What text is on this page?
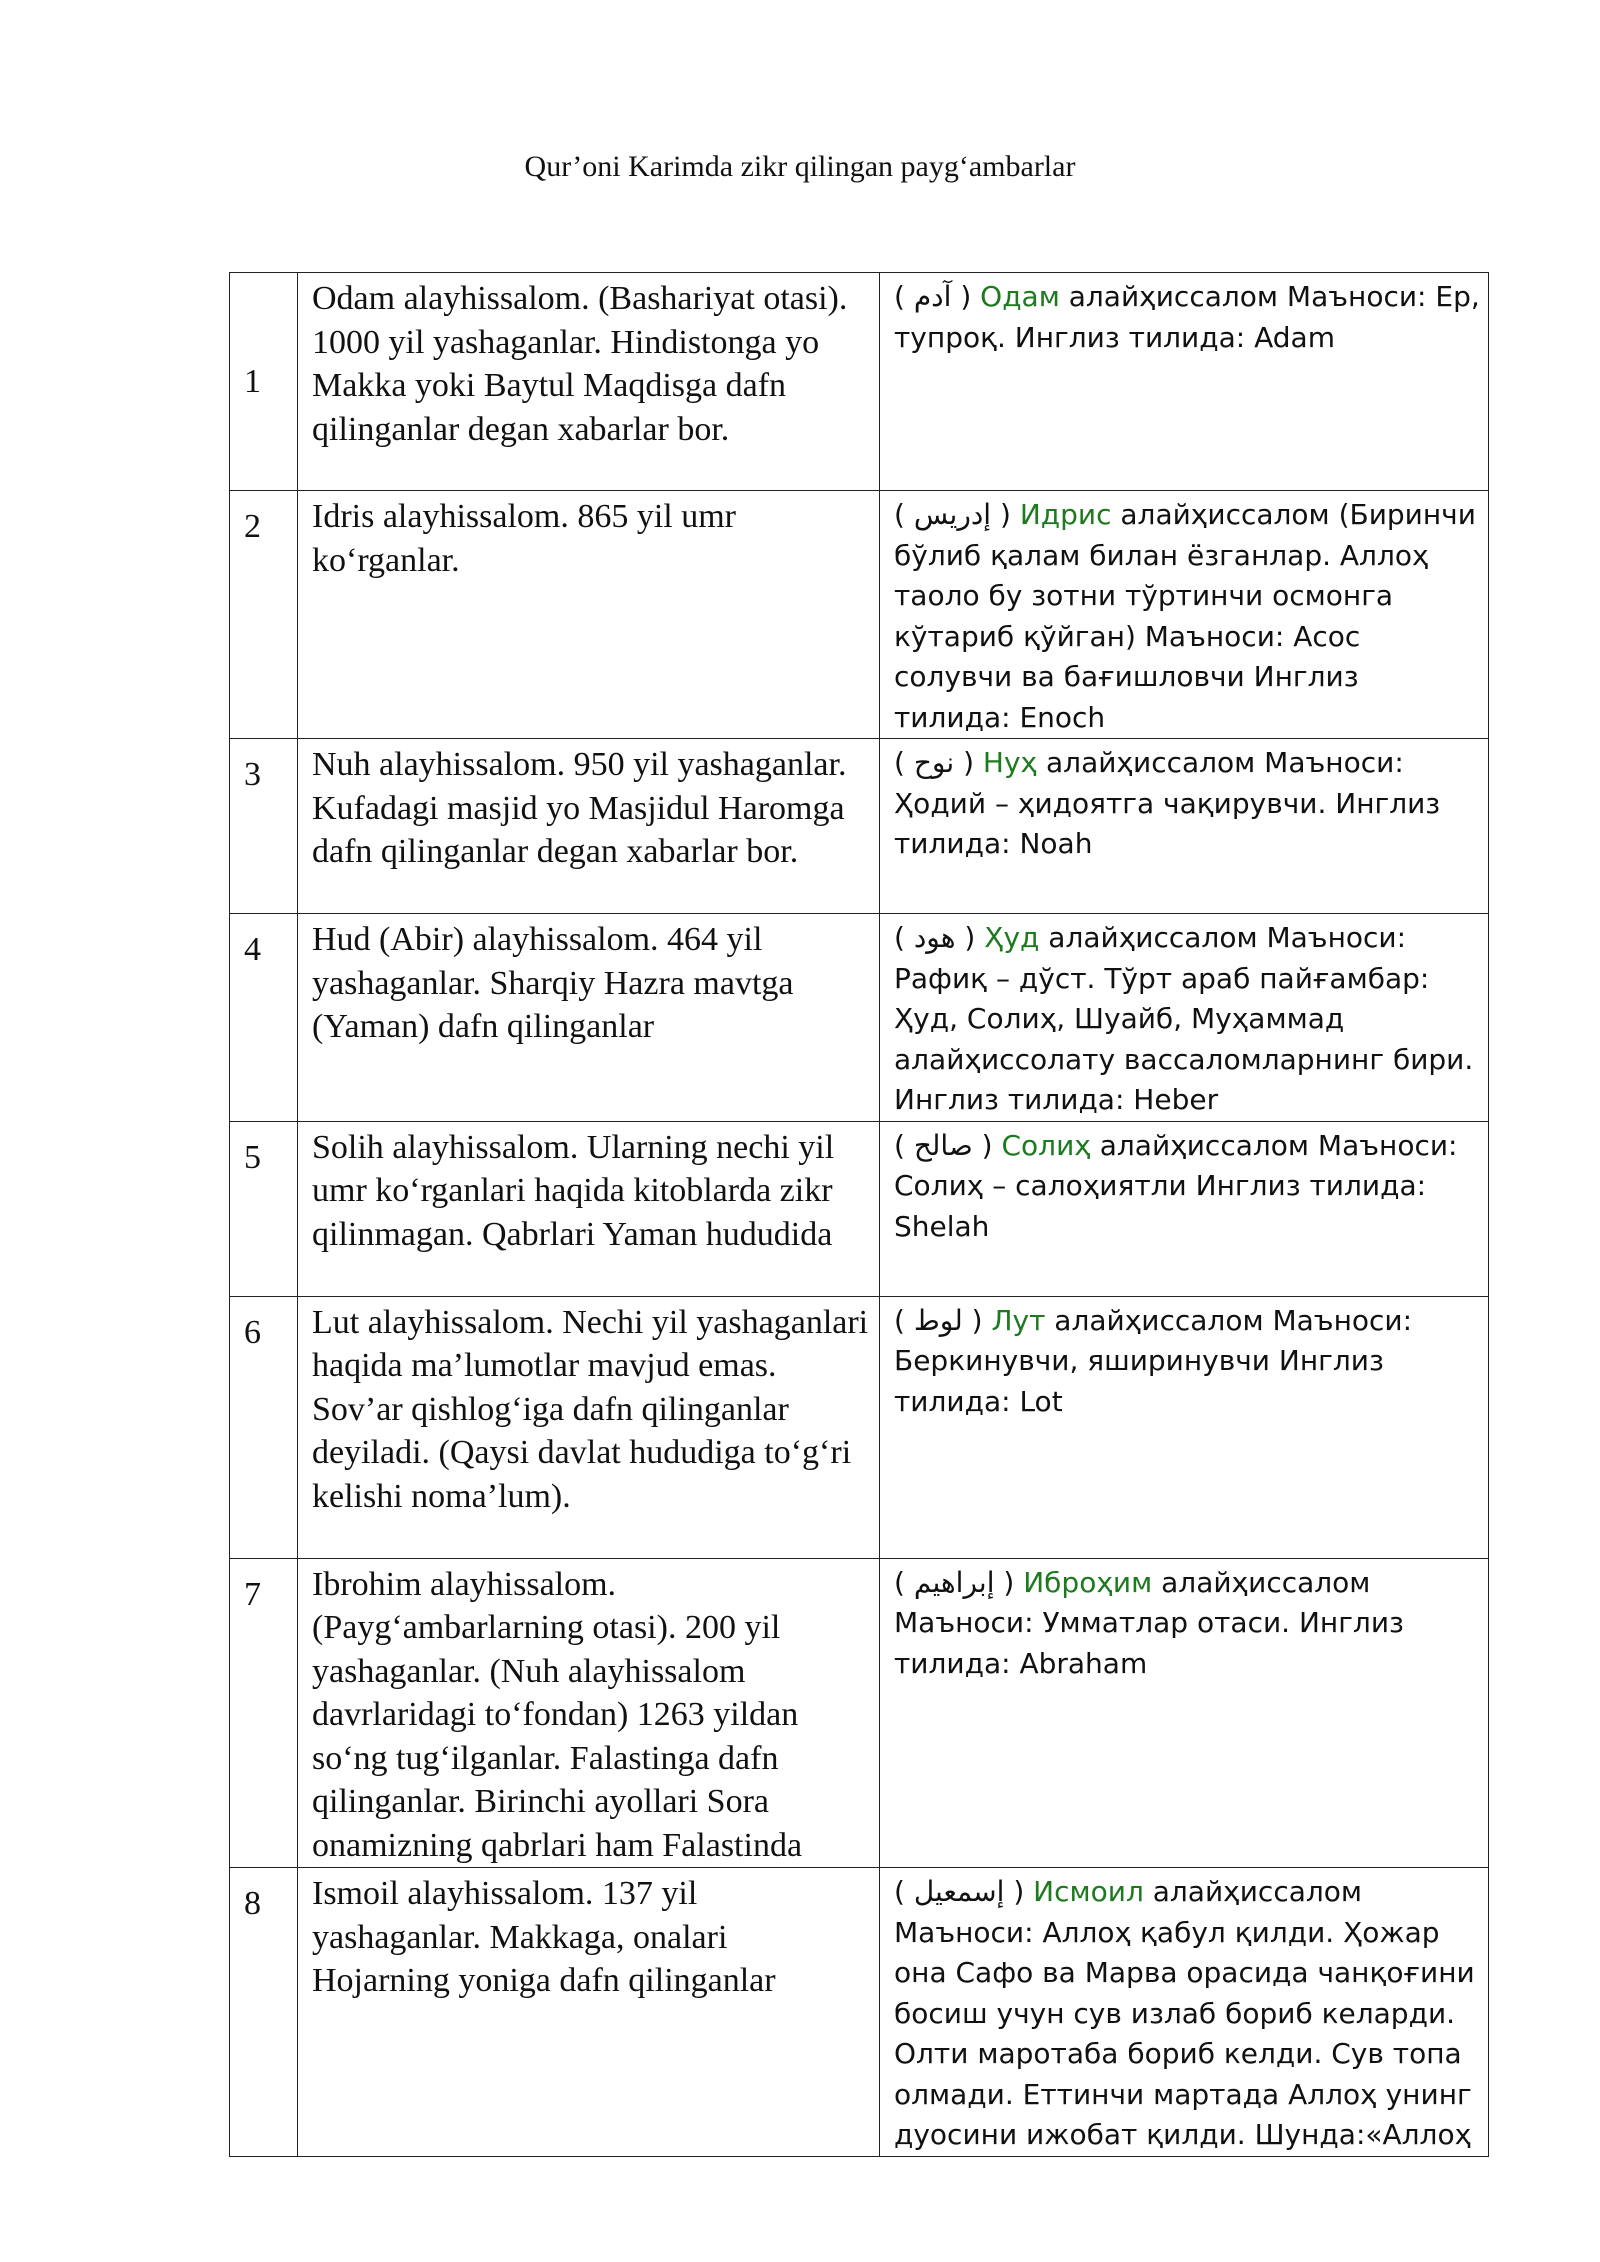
Qur’oni Karimda zikr qilingan payg‘ambarlar
1	Odam alayhissalom. (Bashariyat otasi). 1000 yil yashaganlar. Hindistonga yo Makka yoki Baytul Maqdisga dafn qilinganlar degan xabarlar bor.	( آدم ) Одам алайҳиссалом Маъноси: Ер, тупроқ. Инглиз тилида: Adam
2	Idris alayhissalom. 865 yil umr ko‘rganlar.	( إدريس ) Идрис алайҳиссалом (Биринчи бўлиб қалам билан ёзганлар. Аллоҳ таоло бу зотни тўртинчи осмонга кўтариб қўйган) Маъноси: Асос солувчи ва бағишловчи Инглиз тилида: Enoch
3	Nuh alayhissalom. 950 yil yashaganlar. Kufadagi masjid yo Masjidul Haromga dafn qilinganlar degan xabarlar bor.	( نوح ) Нуҳ алайҳиссалом Маъноси: Ҳодий – ҳидоятга чақирувчи. Инглиз тилида: Noah
4	Hud (Abir) alayhissalom. 464 yil yashaganlar. Sharqiy Hazra mavtga (Yaman) dafn qilinganlar	( هود ) Ҳуд алайҳиссалом Маъноси: Рафиқ – дўст. Тўрт араб пайғамбар: Ҳуд, Солиҳ, Шуайб, Муҳаммад алайҳиссолату вассаломларнинг бири. Инглиз тилида: Heber
5	Solih alayhissalom. Ularning nechi yil umr ko‘rganlari haqida kitoblarda zikr qilinmagan. Qabrlari Yaman hududida	( صالح ) Солиҳ алайҳиссалом Маъноси: Солиҳ – салоҳиятли Инглиз тилида: Shelah
6	Lut alayhissalom. Nechi yil yashaganlari haqida ma’lumotlar mavjud emas. Sov’ar qishlog‘iga dafn qilinganlar deyiladi. (Qaysi davlat hududiga to‘g‘ri kelishi noma’lum).	( لوط ) Лут алайҳиссалом Маъноси: Беркинувчи, яширинувчи Инглиз тилида: Lot
7	Ibrohim alayhissalom. (Payg‘ambarlarning otasi). 200 yil yashaganlar. (Nuh alayhissalom davrlaridagi to‘fondan) 1263 yildan so‘ng tug‘ilganlar. Falastinga dafn qilinganlar. Birinchi ayollari Sora onamizning qabrlari ham Falastinda	( إبراهيم ) Иброҳим алайҳиссалом Маъноси: Умматлар отаси. Инглиз тилида: Abraham
8	Ismoil alayhissalom. 137 yil yashaganlar. Makkaga, onalari Hojarning yoniga dafn qilinganlar	( إسمعيل ) Исмоил алайҳиссалом Маъноси: Аллоҳ қабул қилди. Ҳожар она Сафо ва Марва орасида чанқоғини босиш учун сув излаб бориб келарди. Олти маротаба бориб келди. Сув топа олмади. Еттинчи мартада Аллоҳ унинг дуосини ижобат қилди. Шунда:«Аллоҳ
